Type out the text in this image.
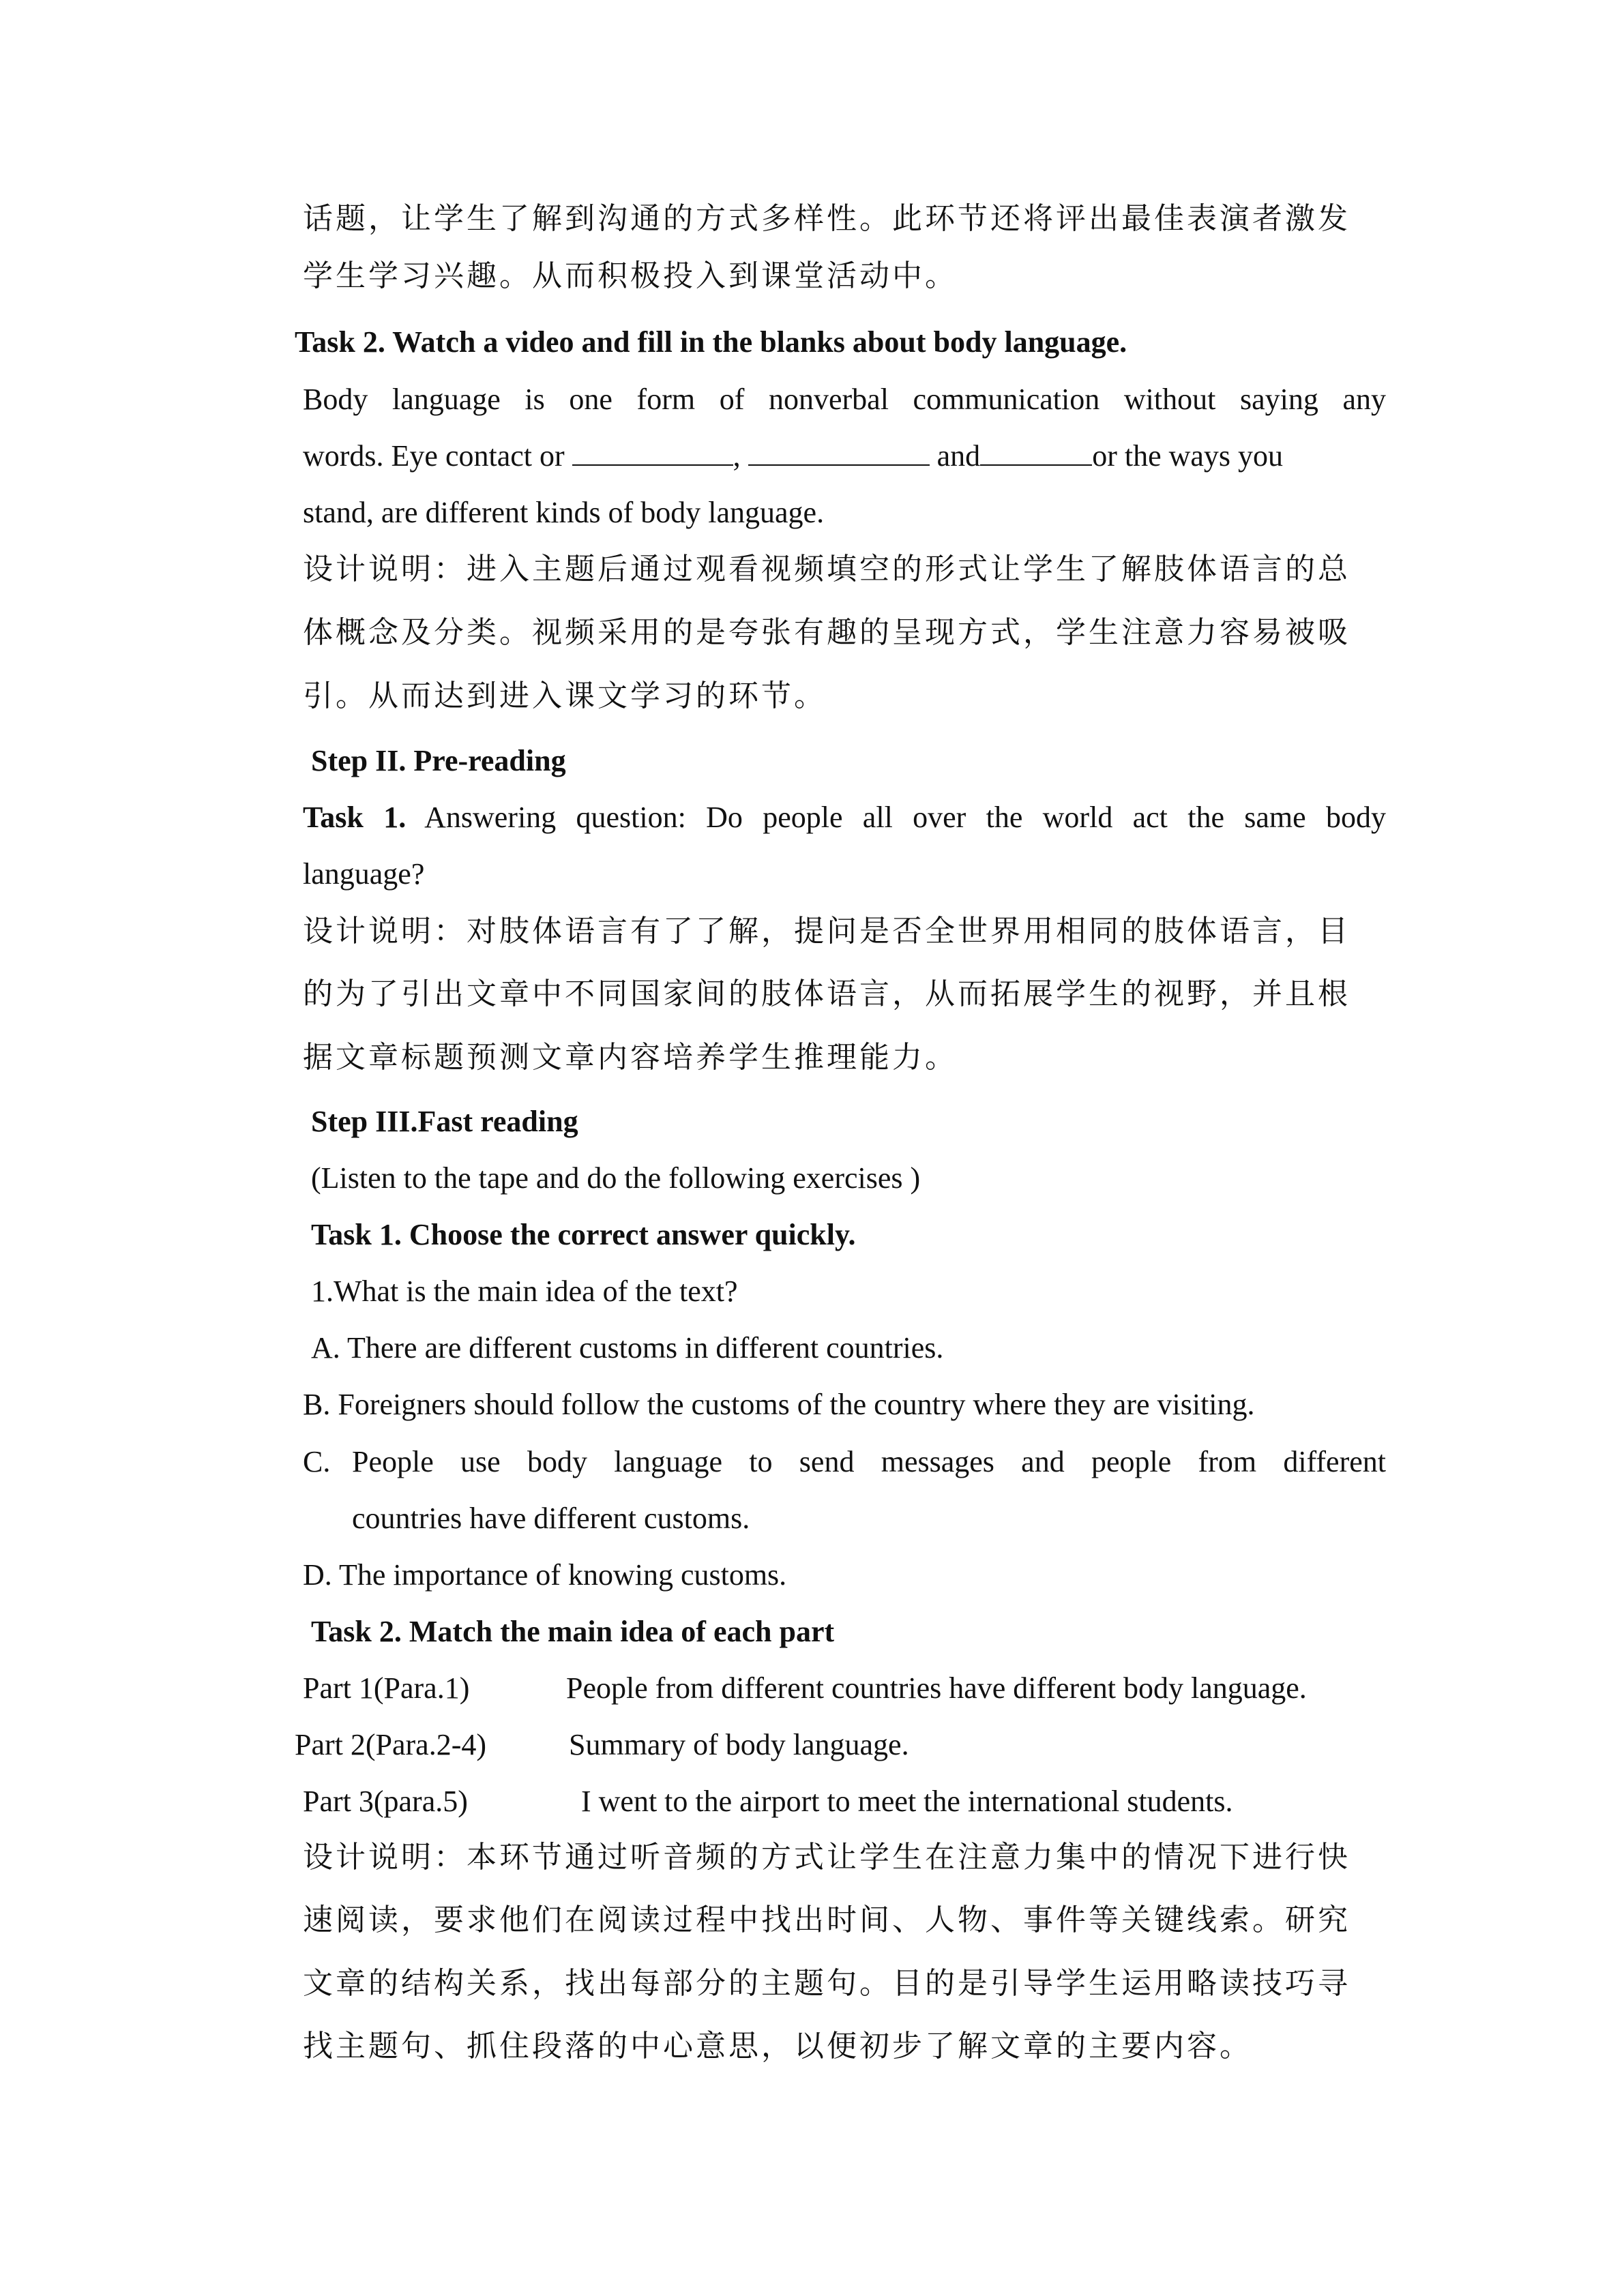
话题，让学生了解到沟通的方式多样性。此环节还将评出最佳表演者激发
学生学习兴趣。从而积极投入到课堂活动中。
Task 2. Watch a video and fill in the blanks about body language.
Body language is one form of nonverbal communication without saying any
words. Eye contact or	,	and	or the ways you
stand, are different kinds of body language.
设计说明：进入主题后通过观看视频填空的形式让学生了解肢体语言的总
体概念及分类。视频采用的是夸张有趣的呈现方式，学生注意力容易被吸
引。从而达到进入课文学习的环节。
Step II. Pre-reading
Task 1. Answering question: Do people all over the world act the same body
language?
设计说明：对肢体语言有了了解，提问是否全世界用相同的肢体语言，目
的为了引出文章中不同国家间的肢体语言，从而拓展学生的视野，并且根
据文章标题预测文章内容培养学生推理能力。
Step III.Fast reading
(Listen to the tape and do the following exercises )
Task 1. Choose the correct answer quickly.
1.What is the main idea of the text?
A. There are different customs in different countries.
B. Foreigners should follow the customs of the country where they are visiting.
C. People use body language to send messages and people from different
countries have different customs.
D. The importance of knowing customs.
Task 2. Match the main idea of each part
Part 1(Para.1)	People from different countries have different body language.
Part 2(Para.2-4)	Summary of body language.
Part 3(para.5)	I went to the airport to meet the international students.
设计说明：本环节通过听音频的方式让学生在注意力集中的情况下进行快
速阅读，要求他们在阅读过程中找出时间、人物、事件等关键线索。研究
文章的结构关系，找出每部分的主题句。目的是引导学生运用略读技巧寻
找主题句、抓住段落的中心意思，以便初步了解文章的主要内容。
